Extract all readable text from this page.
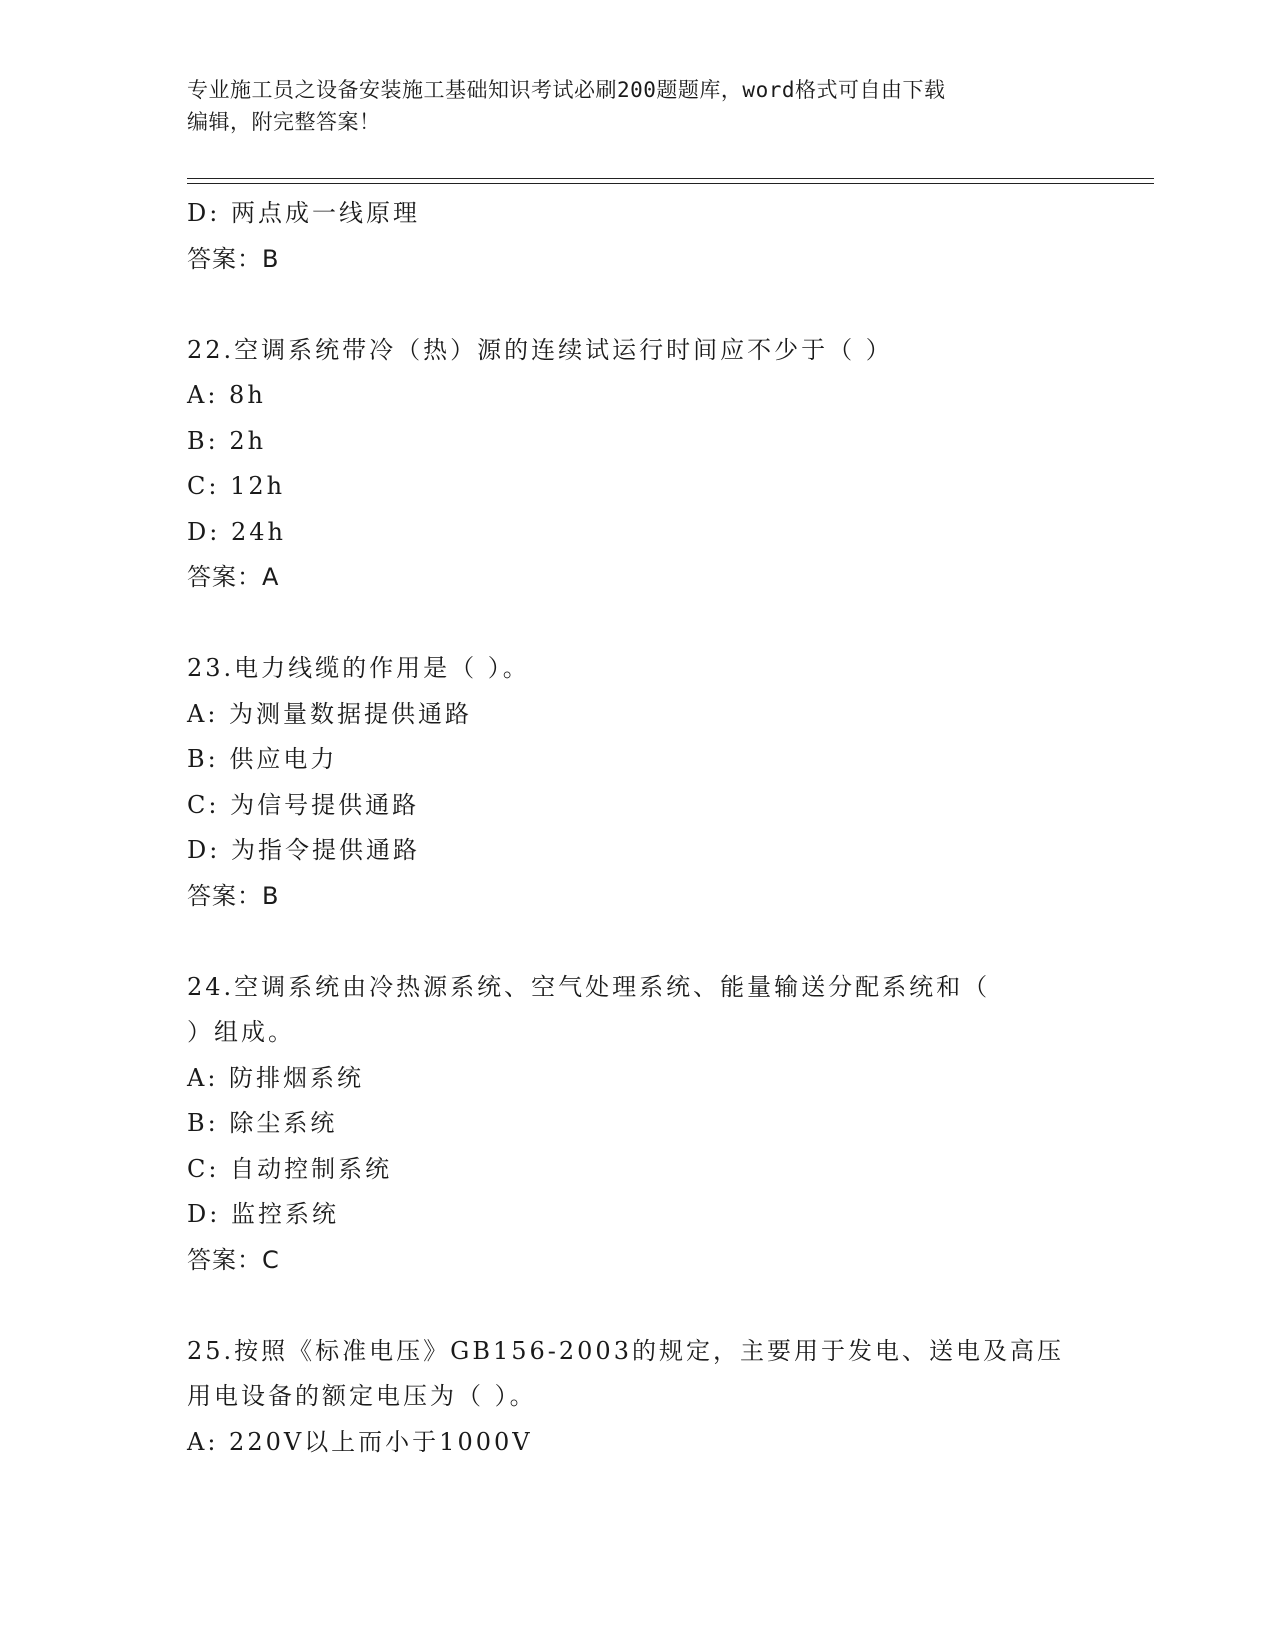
专业施工员之设备安装施工基础知识考试必刷200题题库，word格式可自由下载
编辑，附完整答案！
D: 两点成一线原理
答案：B
22.空调系统带冷（热）源的连续试运行时间应不少于（ ）
A: 8h
B: 2h
C: 12h
D: 24h
答案：A
23.电力线缆的作用是（ ）。
A: 为测量数据提供通路
B: 供应电力
C: 为信号提供通路
D: 为指令提供通路
答案：B
24.空调系统由冷热源系统、空气处理系统、能量输送分配系统和（
）组成。
A: 防排烟系统
B: 除尘系统
C: 自动控制系统
D: 监控系统
答案：C
25.按照《标准电压》GB156-2003的规定，主要用于发电、送电及高压
用电设备的额定电压为（ ）。
A: 220V以上而小于1000V
